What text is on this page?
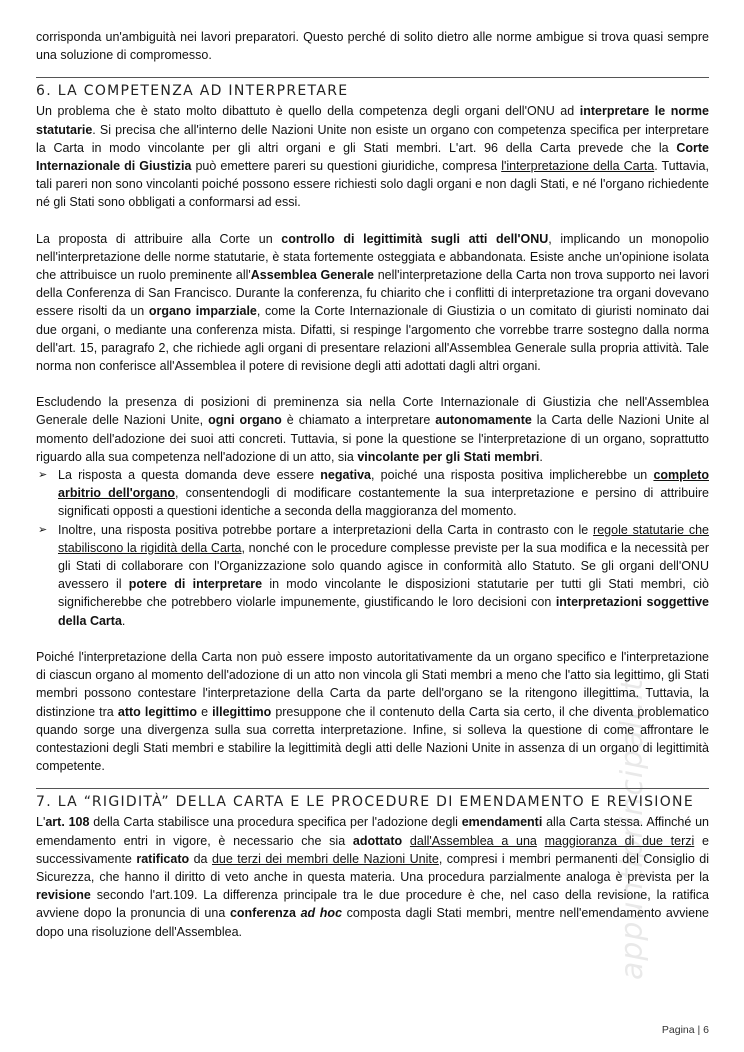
corrisponda un'ambiguità nei lavori preparatori. Questo perché di solito dietro alle norme ambigue si trova quasi sempre una soluzione di compromesso.

6. LA COMPETENZA AD INTERPRETARE

Un problema che è stato molto dibattuto è quello della competenza degli organi dell'ONU ad interpretare le norme statutarie. Si precisa che all'interno delle Nazioni Unite non esiste un organo con competenza specifica per interpretare la Carta in modo vincolante per gli altri organi e gli Stati membri. L'art. 96 della Carta prevede che la Corte Internazionale di Giustizia può emettere pareri su questioni giuridiche, compresa l'interpretazione della Carta. Tuttavia, tali pareri non sono vincolanti poiché possono essere richiesti solo dagli organi e non dagli Stati, e né l'organo richiedente né gli Stati sono obbligati a conformarsi ad essi.

La proposta di attribuire alla Corte un controllo di legittimità sugli atti dell'ONU, implicando un monopolio nell'interpretazione delle norme statutarie, è stata fortemente osteggiata e abbandonata. Esiste anche un'opinione isolata che attribuisce un ruolo preminente all'Assemblea Generale nell'interpretazione della Carta non trova supporto nei lavori della Conferenza di San Francisco. Durante la conferenza, fu chiarito che i conflitti di interpretazione tra organi dovevano essere risolti da un organo imparziale, come la Corte Internazionale di Giustizia o un comitato di giuristi nominato dai due organi, o mediante una conferenza mista. Difatti, si respinge l'argomento che vorrebbe trarre sostegno dalla norma dell'art. 15, paragrafo 2, che richiede agli organi di presentare relazioni all'Assemblea Generale sulla propria attività. Tale norma non conferisce all'Assemblea il potere di revisione degli atti adottati dagli altri organi.

Escludendo la presenza di posizioni di preminenza sia nella Corte Internazionale di Giustizia che nell'Assemblea Generale delle Nazioni Unite, ogni organo è chiamato a interpretare autonomamente la Carta delle Nazioni Unite al momento dell'adozione dei suoi atti concreti. Tuttavia, si pone la questione se l'interpretazione di un organo, soprattutto riguardo alla sua competenza nell'adozione di un atto, sia vincolante per gli Stati membri.

➢ La risposta a questa domanda deve essere negativa, poiché una risposta positiva implicherebbe un completo arbitrio dell'organo, consentendogli di modificare costantemente la sua interpretazione e persino di attribuire significati opposti a questioni identiche a seconda della maggioranza del momento.
➢ Inoltre, una risposta positiva potrebbe portare a interpretazioni della Carta in contrasto con le regole statutarie che stabiliscono la rigidità della Carta, nonché con le procedure complesse previste per la sua modifica e la necessità per gli Stati di collaborare con l'Organizzazione solo quando agisce in conformità allo Statuto. Se gli organi dell'ONU avessero il potere di interpretare in modo vincolante le disposizioni statutarie per tutti gli Stati membri, ciò significherebbe che potrebbero violarle impunemente, giustificando le loro decisioni con interpretazioni soggettive della Carta.

Poiché l'interpretazione della Carta non può essere imposto autoritativamente da un organo specifico e l'interpretazione di ciascun organo al momento dell'adozione di un atto non vincola gli Stati membri a meno che l'atto sia legittimo, gli Stati membri possono contestare l'interpretazione della Carta da parte dell'organo se la ritengono illegittima. Tuttavia, la distinzione tra atto legittimo e illegittimo presuppone che il contenuto della Carta sia certo, il che diventa problematico quando sorge una divergenza sulla sua corretta interpretazione. Infine, si solleva la questione di come affrontare le contestazioni degli Stati membri e stabilire la legittimità degli atti delle Nazioni Unite in assenza di un organo di legittimità competente.

7. LA “RIGIDITÀ” DELLA CARTA E LE PROCEDURE DI EMENDAMENTO E REVISIONE

L'art. 108 della Carta stabilisce una procedura specifica per l'adozione degli emendamenti alla Carta stessa. Affinché un emendamento entri in vigore, è necessario che sia adottato dall'Assemblea a una maggioranza di due terzi e successivamente ratificato da due terzi dei membri delle Nazioni Unite, compresi i membri permanenti del Consiglio di Sicurezza, che hanno il diritto di veto anche in questa materia. Una procedura parzialmente analoga è prevista per la revisione secondo l'art.109. La differenza principale tra le due procedure è che, nel caso della revisione, la ratifica avviene dopo la pronuncia di una conferenza ad hoc composta dagli Stati membri, mentre nell'emendamento avviene dopo una risoluzione dell'Assemblea.	appuntiprincipali.it
Pagina | 6
